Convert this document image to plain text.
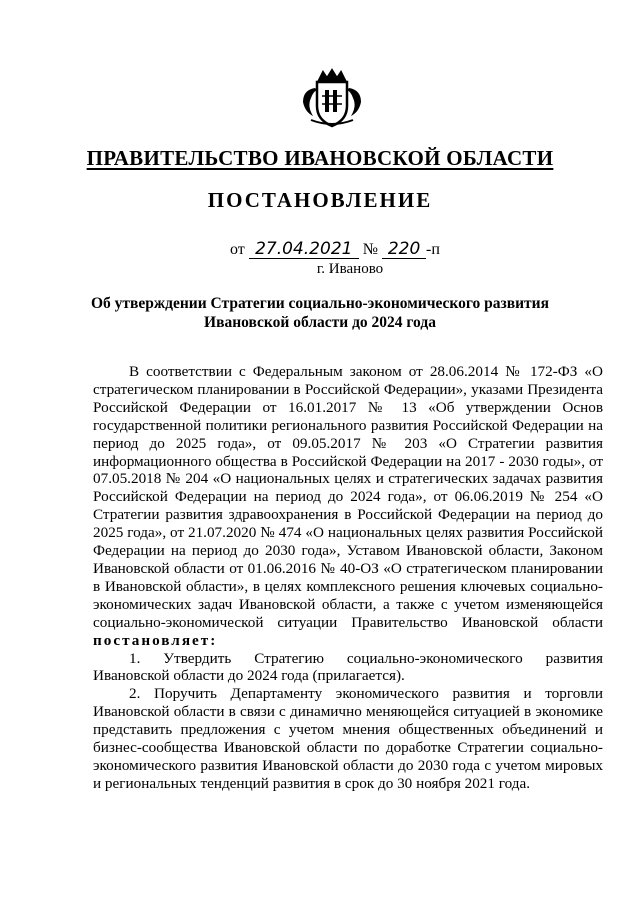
ПРАВИТЕЛЬСТВО ИВАНОВСКОЙ ОБЛАСТИ
ПОСТАНОВЛЕНИЕ
от 27.04.2021 № 220 -п
г. Иваново
Об утверждении Стратегии социально-экономического развития
Ивановской области до 2024 года

В соответствии с Федеральным законом от 28.06.2014 № 172-ФЗ «О стратегическом планировании в Российской Федерации», указами Президента Российской Федерации от 16.01.2017 № 13 «Об утверждении Основ государственной политики регионального развития Российской Федерации на период до 2025 года», от 09.05.2017 № 203 «О Стратегии развития информационного общества в Российской Федерации на 2017 - 2030 годы», от 07.05.2018 № 204 «О национальных целях и стратегических задачах развития Российской Федерации на период до 2024 года», от 06.06.2019 № 254 «О Стратегии развития здравоохранения в Российской Федерации на период до 2025 года», от 21.07.2020 № 474 «О национальных целях развития Российской Федерации на период до 2030 года», Уставом Ивановской области, Законом Ивановской области от 01.06.2016 № 40-ОЗ «О стратегическом планировании в Ивановской области», в целях комплексного решения ключевых социально-экономических задач Ивановской области, а также с учетом изменяющейся социально-экономической ситуации Правительство Ивановской области постановляет:

1. Утвердить Стратегию социально-экономического развития Ивановской области до 2024 года (прилагается).

2. Поручить Департаменту экономического развития и торговли Ивановской области в связи с динамично меняющейся ситуацией в экономике представить предложения с учетом мнения общественных объединений и бизнес-сообщества Ивановской области по доработке Стратегии социально-экономического развития Ивановской области до 2030 года с учетом мировых и региональных тенденций развития в срок до 30 ноября 2021 года.
